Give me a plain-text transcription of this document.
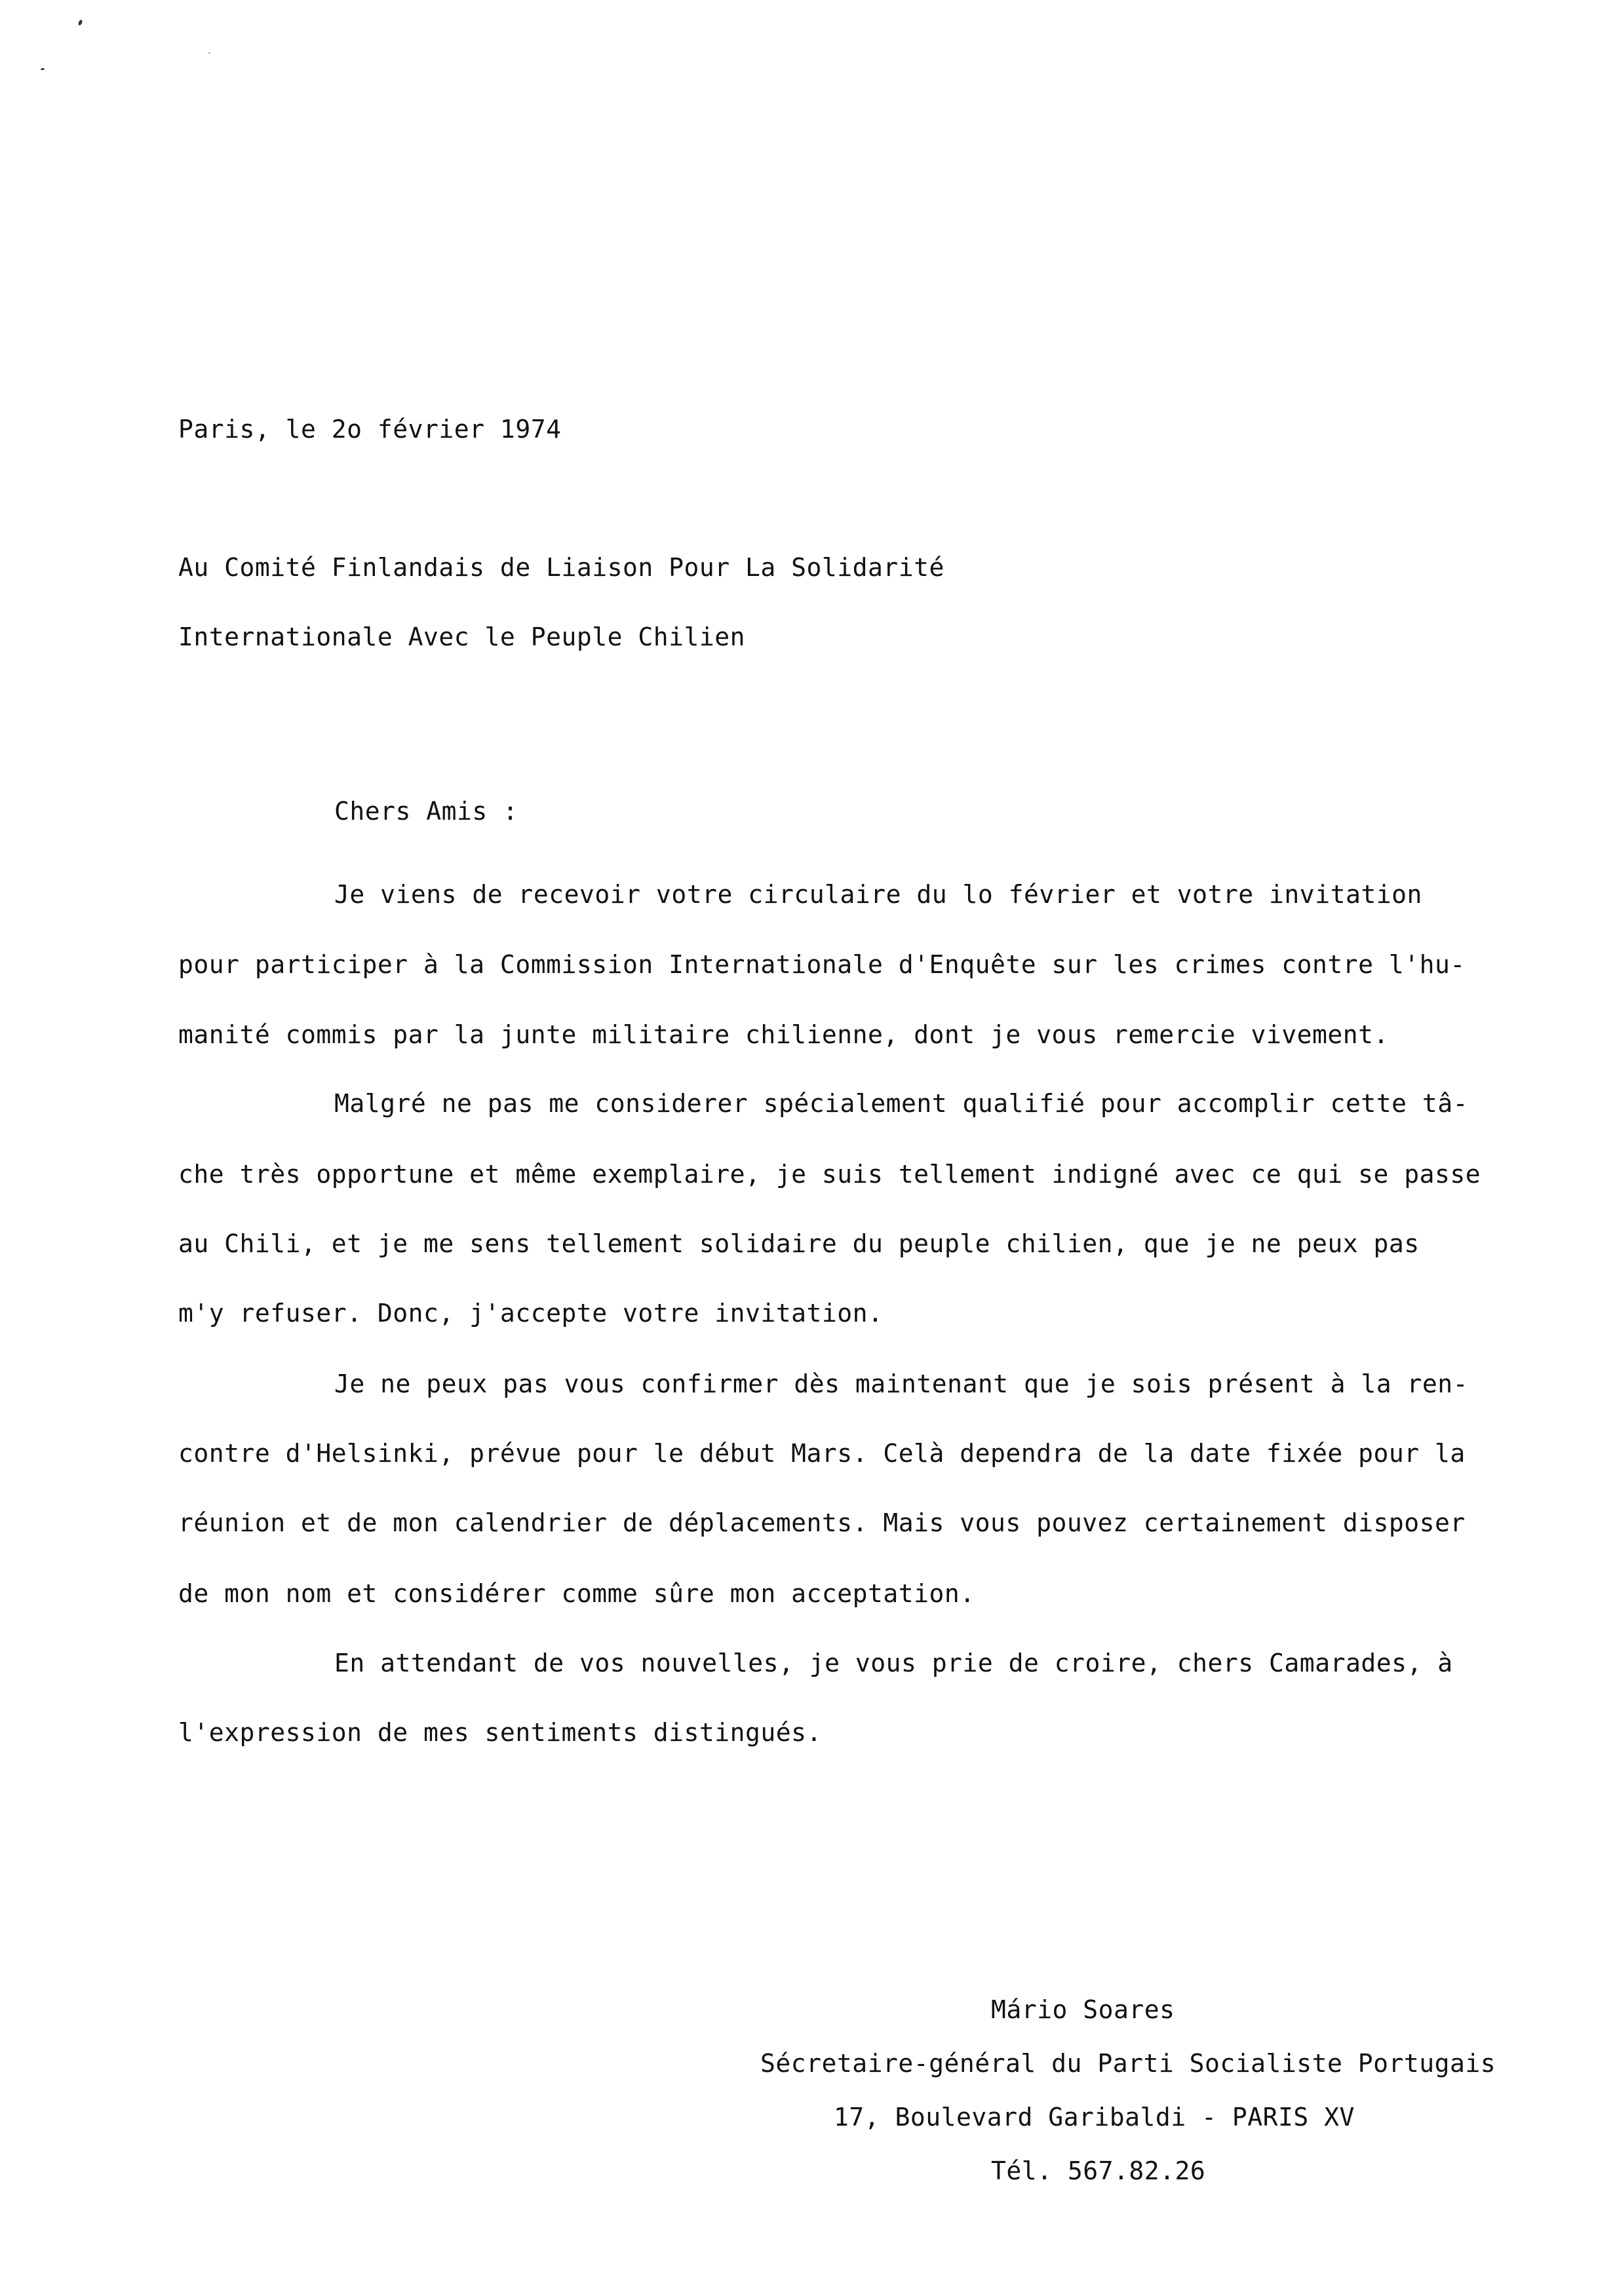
Paris, le 2o février 1974
Au Comité Finlandais de Liaison Pour La Solidarité
Internationale Avec le Peuple Chilien
Chers Amis :
Je viens de recevoir votre circulaire du lo février et votre invitation
pour participer à la Commission Internationale d'Enquête sur les crimes contre l'hu-
manité commis par la junte militaire chilienne, dont je vous remercie vivement.
Malgré ne pas me considerer spécialement qualifié pour accomplir cette tâ-
che très opportune et même exemplaire, je suis tellement indigné avec ce qui se passe
au Chili, et je me sens tellement solidaire du peuple chilien, que je ne peux pas
m'y refuser. Donc, j'accepte votre invitation.
Je ne peux pas vous confirmer dès maintenant que je sois présent à la ren-
contre d'Helsinki, prévue pour le début Mars. Celà dependra de la date fixée pour la
réunion et de mon calendrier de déplacements. Mais vous pouvez certainement disposer
de mon nom et considérer comme sûre mon acceptation.
En attendant de vos nouvelles, je vous prie de croire, chers Camarades, à
l'expression de mes sentiments distingués.
Mário Soares
Sécretaire-général du Parti Socialiste Portugais
17, Boulevard Garibaldi - PARIS XV
Tél. 567.82.26
